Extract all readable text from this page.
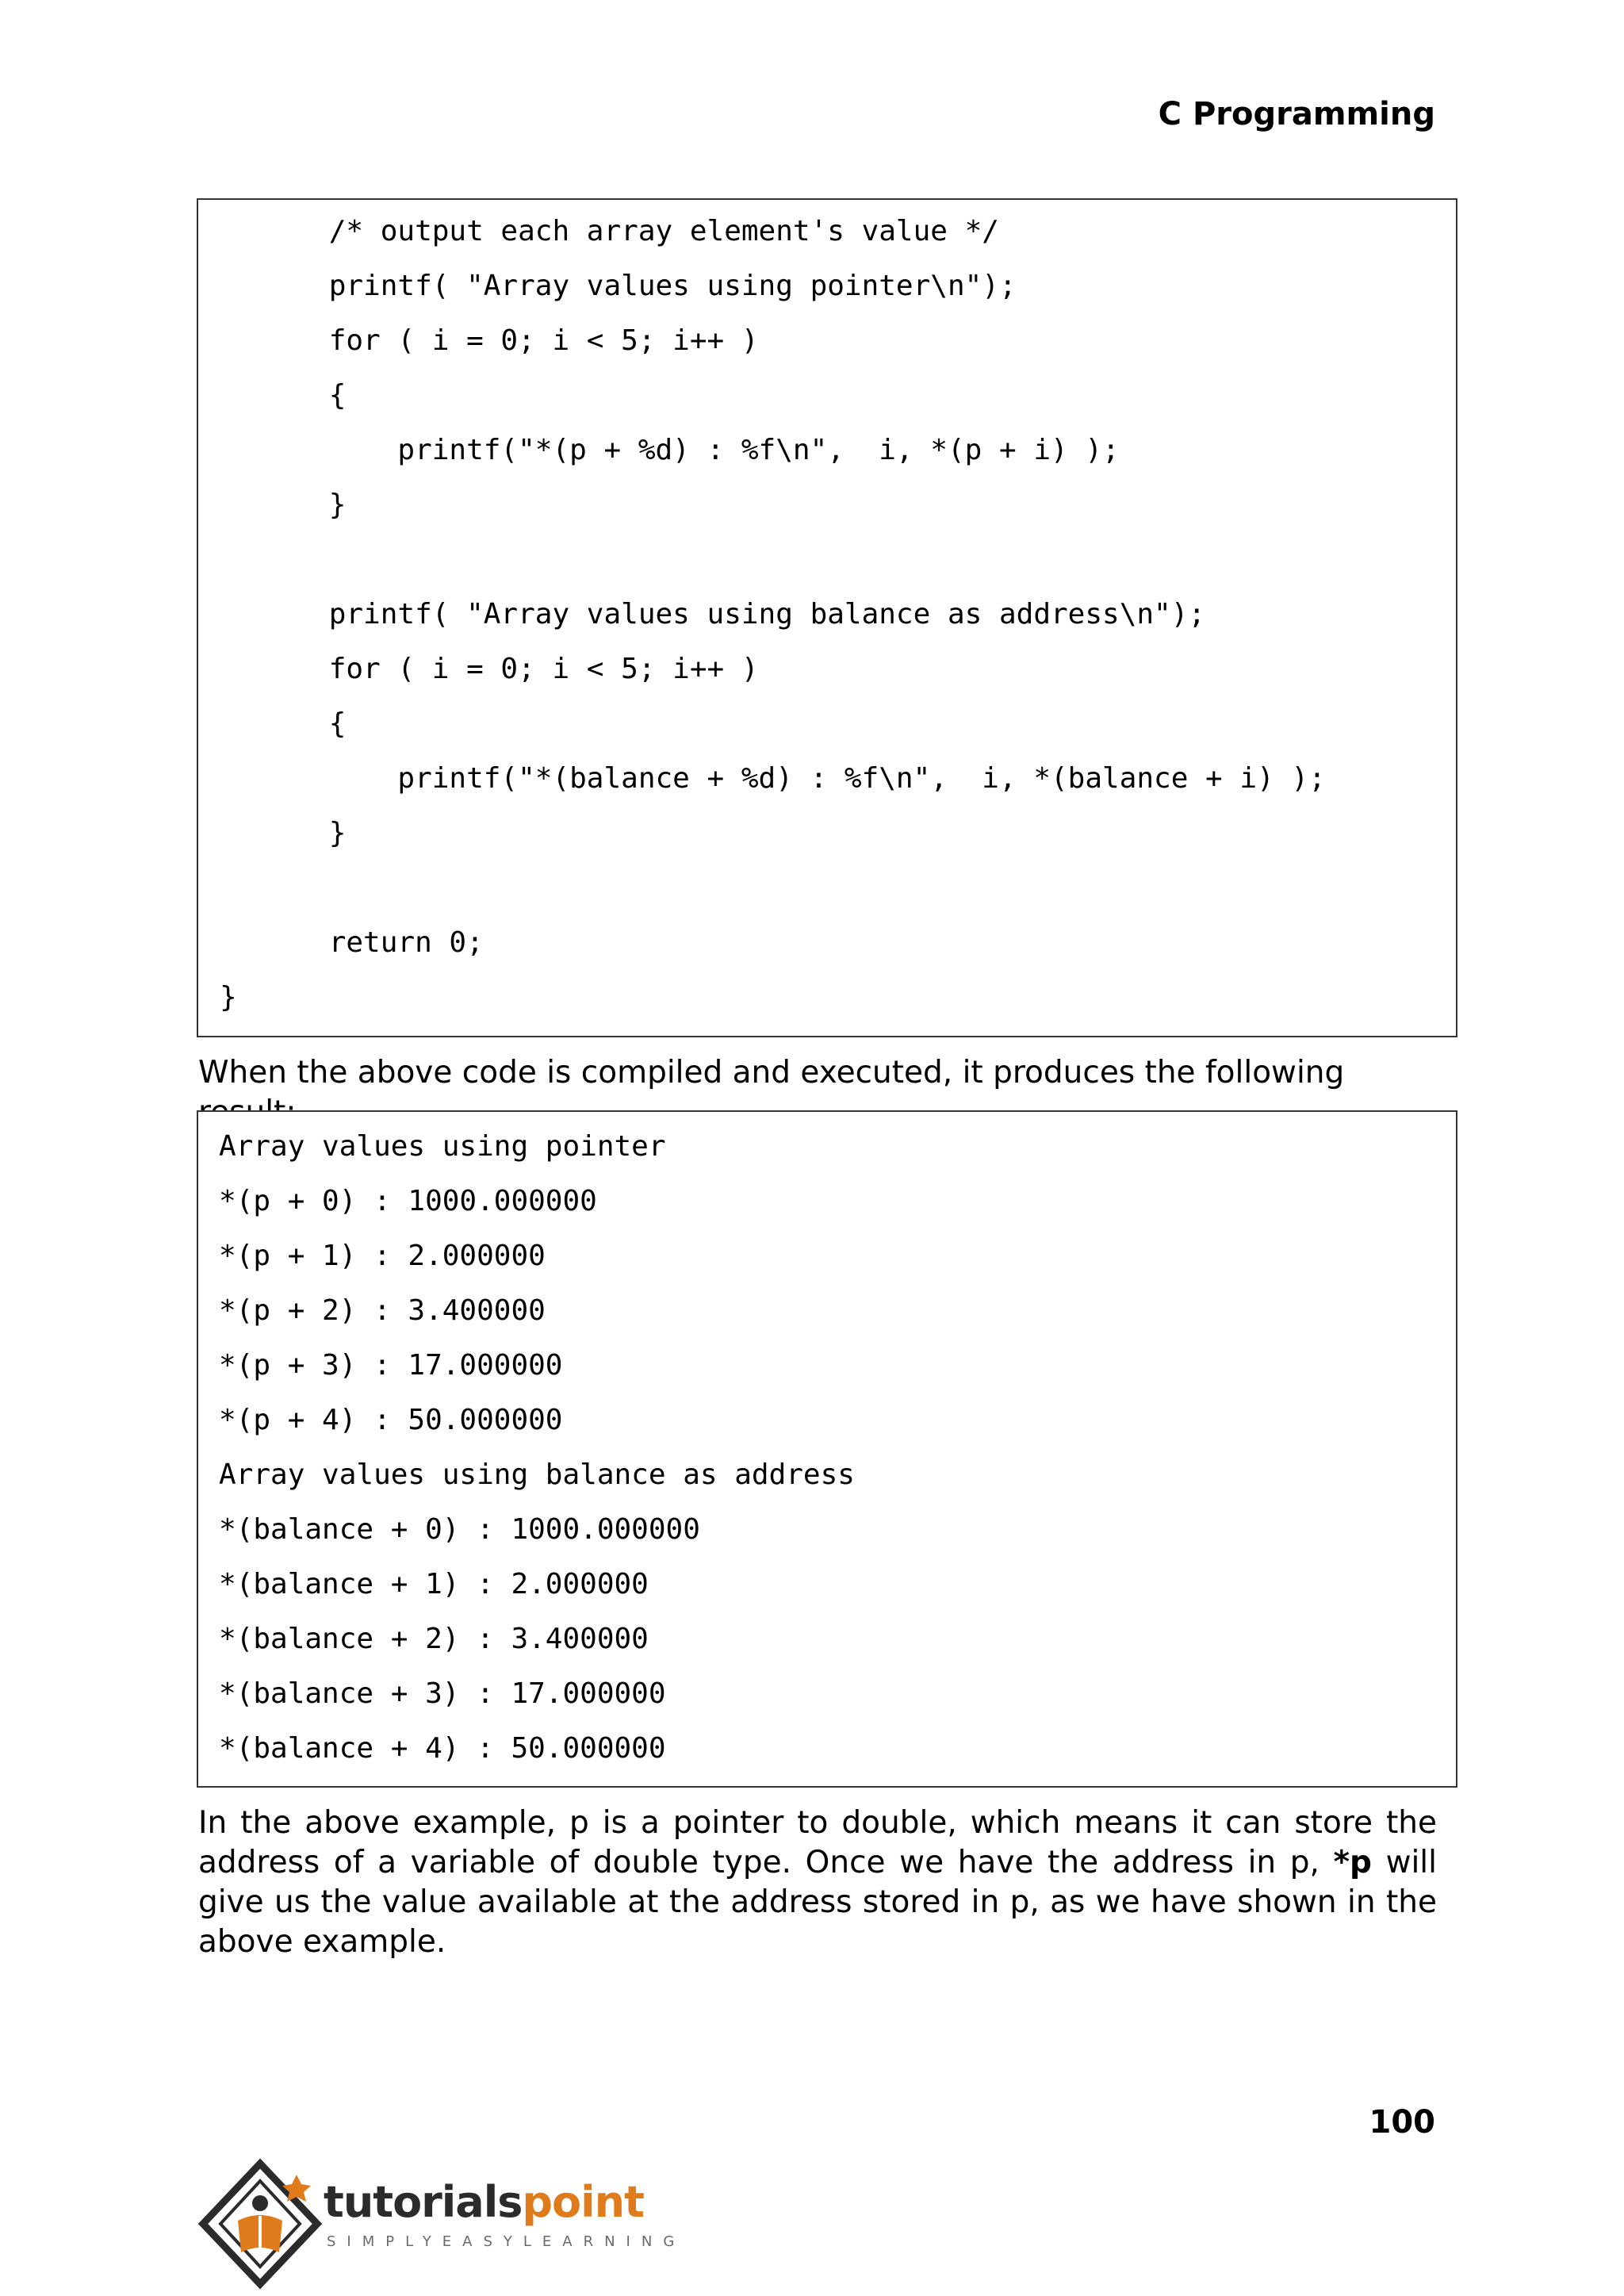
C Programming
/* output each array element's value */
printf( "Array values using pointer\n");
for ( i = 0; i < 5; i++ )
{
printf("*(p + %d) : %f\n",  i, *(p + i) );
}
printf( "Array values using balance as address\n");
for ( i = 0; i < 5; i++ )
{
printf("*(balance + %d) : %f\n",  i, *(balance + i) );
}
return 0;
}
When the above code is compiled and executed, it produces the following
Array values using pointer
*(p + 0) : 1000.000000
*(p + 1) : 2.000000
*(p + 2) : 3.400000
*(p + 3) : 17.000000
*(p + 4) : 50.000000
Array values using balance as address
*(balance + 0) : 1000.000000
*(balance + 1) : 2.000000
*(balance + 2) : 3.400000
*(balance + 3) : 17.000000
*(balance + 4) : 50.000000
In the above example, p is a pointer to double, which means it can store the address of a variable of double type. Once we have the address in p, *p will give us the value available at the address stored in p, as we have shown in the above example.
100
tutorialspoint
SIMPLYEASYLEARNING
